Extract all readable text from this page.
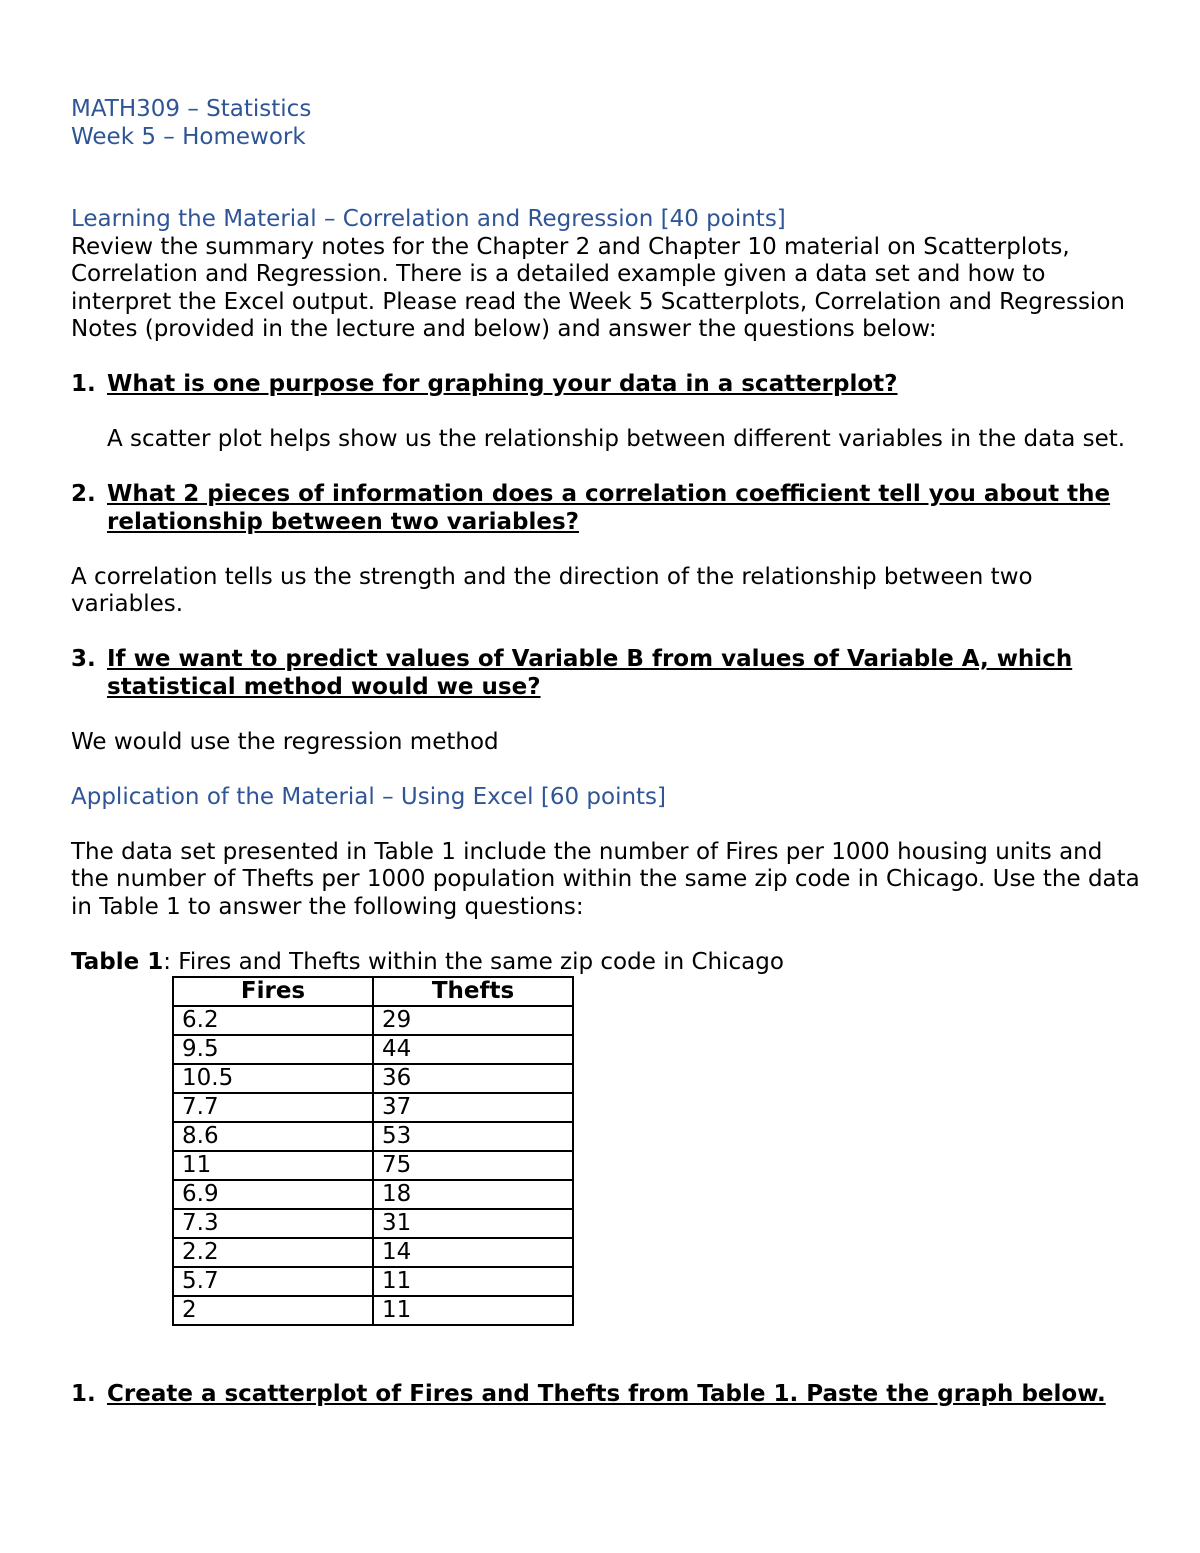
MATH309 – Statistics

Week 5 – Homework

Learning the Material – Correlation and Regression [40 points]

Review the summary notes for the Chapter 2 and Chapter 10 material on Scatterplots, Correlation and Regression. There is a detailed example given a data set and how to interpret the Excel output. Please read the Week 5 Scatterplots, Correlation and Regression Notes (provided in the lecture and below) and answer the questions below:

1. What is one purpose for graphing your data in a scatterplot?

A scatter plot helps show us the relationship between different variables in the data set.

2. What 2 pieces of information does a correlation coefficient tell you about the relationship between two variables?

A correlation tells us the strength and the direction of the relationship between two variables.

3. If we want to predict values of Variable B from values of Variable A, which statistical method would we use?

We would use the regression method

Application of the Material – Using Excel [60 points]

The data set presented in Table 1 include the number of Fires per 1000 housing units and the number of Thefts per 1000 population within the same zip code in Chicago. Use the data in Table 1 to answer the following questions:

Table 1: Fires and Thefts within the same zip code in Chicago

Fires	Thefts
6.2	29
9.5	44
10.5	36
7.7	37
8.6	53
11	75
6.9	18
7.3	31
2.2	14
5.7	11
2	11
1. Create a scatterplot of Fires and Thefts from Table 1. Paste the graph below.
